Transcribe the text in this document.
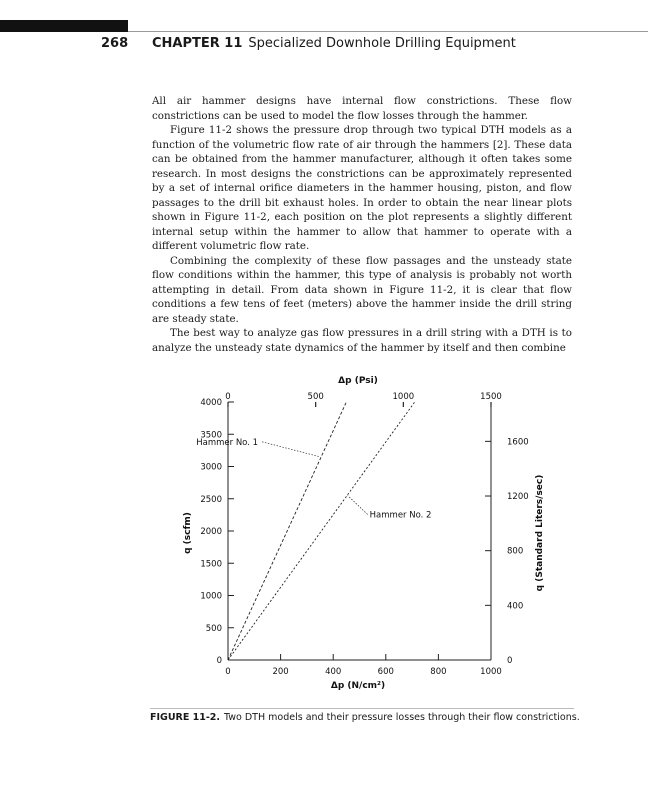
268 CHAPTER 11 Specialized Downhole Drilling Equipment

All air hammer designs have internal flow constrictions. These flow constrictions can be used to model the flow losses through the hammer.

Figure 11-2 shows the pressure drop through two typical DTH models as a function of the volumetric flow rate of air through the hammers [2]. These data can be obtained from the hammer manufacturer, although it often takes some research. In most designs the constrictions can be approximately represented by a set of internal orifice diameters in the hammer housing, piston, and flow passages to the drill bit exhaust holes. In order to obtain the near linear plots shown in Figure 11-2, each position on the plot represents a slightly different internal setup within the hammer to allow that hammer to operate with a different volumetric flow rate.

Combining the complexity of these flow passages and the unsteady state flow conditions within the hammer, this type of analysis is probably not worth attempting in detail. From data shown in Figure 11-2, it is clear that flow conditions a few tens of feet (meters) above the hammer inside the drill string are steady state.

The best way to analyze gas flow pressures in a drill string with a DTH is to analyze the unsteady state dynamics of the hammer by itself and then combine

0	200	400	600	800	1000
0	500	1000	1500
0
500
1000
1500
2000
2500
3000
3500
4000
0
400
800
1200
1600
Hammer No. 1
Hammer No. 2
Δp (Psi)
Δp (N/cm²)
q (scfm)	q (Standard Liters/sec)
FIGURE 11-2. Two DTH models and their pressure losses through their flow constrictions.
